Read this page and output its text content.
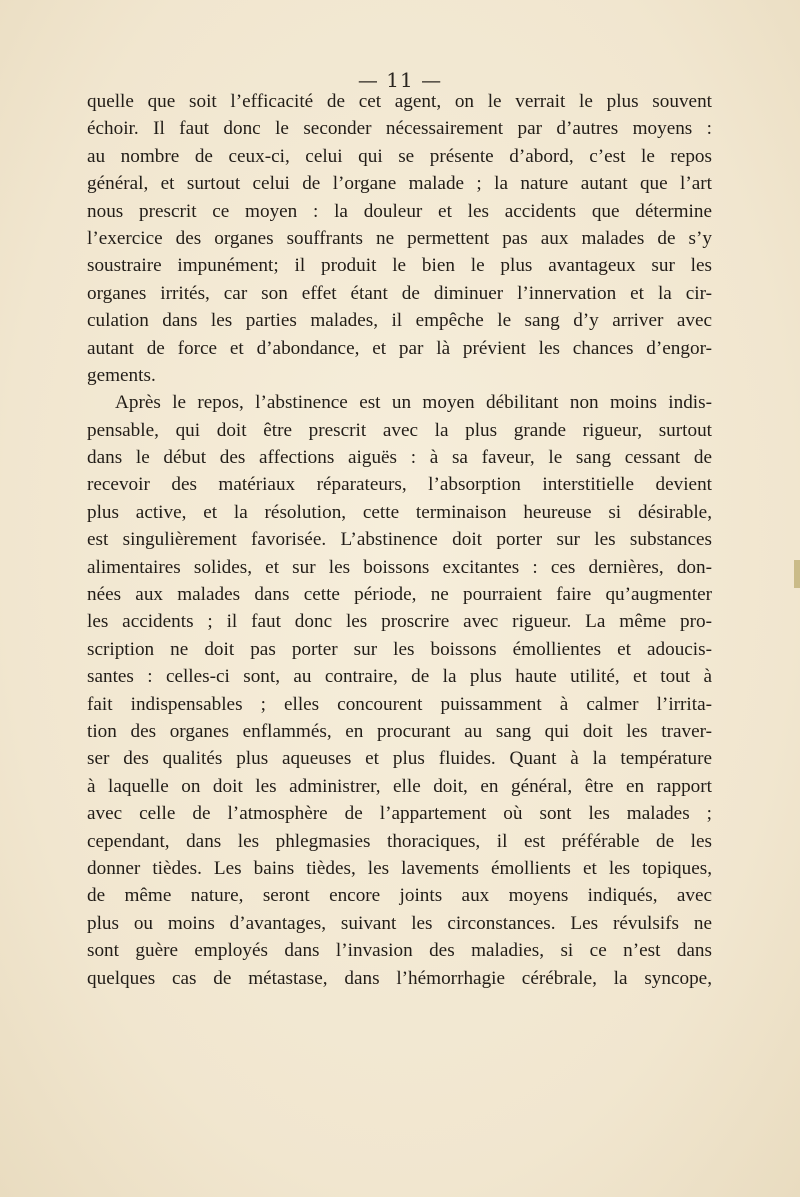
— 11 —
quelle que soit l’efficacité de cet agent, on le verrait le plus souvent
échoir. Il faut donc le seconder nécessairement par d’autres moyens :
au nombre de ceux-ci, celui qui se présente d’abord, c’est le repos
général, et surtout celui de l’organe malade ; la nature autant que l’art
nous prescrit ce moyen : la douleur et les accidents que détermine
l’exercice des organes souffrants ne permettent pas aux malades de s’y
soustraire impunément; il produit le bien le plus avantageux sur les
organes irrités, car son effet étant de diminuer l’innervation et la cir-
culation dans les parties malades, il empêche le sang d’y arriver avec
autant de force et d’abondance, et par là prévient les chances d’engor-
gements.
Après le repos, l’abstinence est un moyen débilitant non moins indis-
pensable, qui doit être prescrit avec la plus grande rigueur, surtout
dans le début des affections aiguës : à sa faveur, le sang cessant de
recevoir des matériaux réparateurs, l’absorption interstitielle devient
plus active, et la résolution, cette terminaison heureuse si désirable,
est singulièrement favorisée. L’abstinence doit porter sur les substances
alimentaires solides, et sur les boissons excitantes : ces dernières, don-
nées aux malades dans cette période, ne pourraient faire qu’augmenter
les accidents ; il faut donc les proscrire avec rigueur. La même pro-
scription ne doit pas porter sur les boissons émollientes et adoucis-
santes : celles-ci sont, au contraire, de la plus haute utilité, et tout à
fait indispensables ; elles concourent puissamment à calmer l’irrita-
tion des organes enflammés, en procurant au sang qui doit les traver-
ser des qualités plus aqueuses et plus fluides. Quant à la température
à laquelle on doit les administrer, elle doit, en général, être en rapport
avec celle de l’atmosphère de l’appartement où sont les malades ;
cependant, dans les phlegmasies thoraciques, il est préférable de les
donner tièdes. Les bains tièdes, les lavements émollients et les topiques,
de même nature, seront encore joints aux moyens indiqués, avec
plus ou moins d’avantages, suivant les circonstances. Les révulsifs ne
sont guère employés dans l’invasion des maladies, si ce n’est dans
quelques cas de métastase, dans l’hémorrhagie cérébrale, la syncope,
